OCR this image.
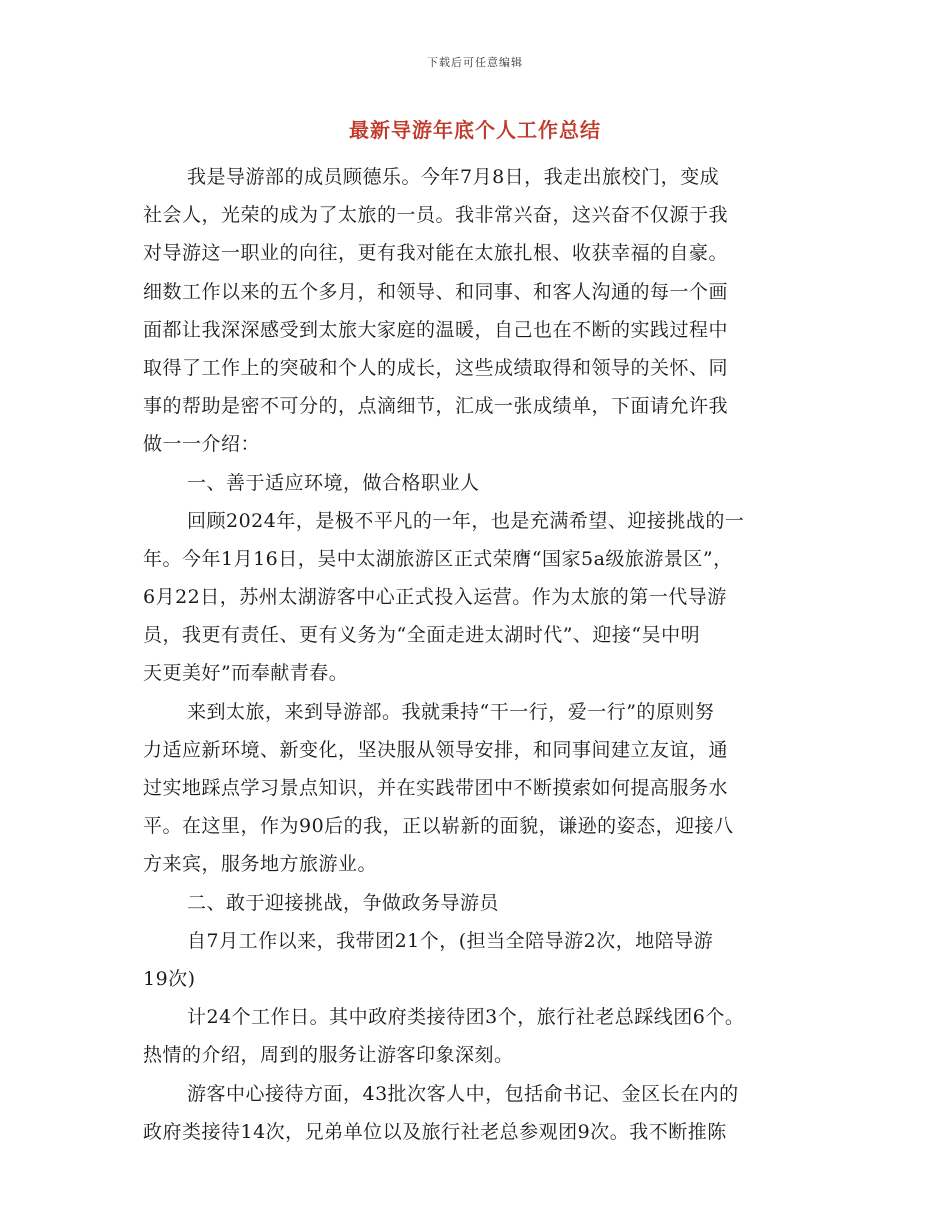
下载后可任意编辑
最新导游年底个人工作总结
我是导游部的成员顾德乐。今年7月8日，我走出旅校门，变成
社会人，光荣的成为了太旅的一员。我非常兴奋，这兴奋不仅源于我
对导游这一职业的向往，更有我对能在太旅扎根、收获幸福的自豪。
细数工作以来的五个多月，和领导、和同事、和客人沟通的每一个画
面都让我深深感受到太旅大家庭的温暖，自己也在不断的实践过程中
取得了工作上的突破和个人的成长，这些成绩取得和领导的关怀、同
事的帮助是密不可分的，点滴细节，汇成一张成绩单，下面请允许我
做一一介绍：
一、善于适应环境，做合格职业人
回顾2024年，是极不平凡的一年，也是充满希望、迎接挑战的一
年。今年1月16日，吴中太湖旅游区正式荣膺“国家5a级旅游景区”，
6月22日，苏州太湖游客中心正式投入运营。作为太旅的第一代导游
员，我更有责任、更有义务为“全面走进太湖时代”、迎接“吴中明
天更美好”而奉献青春。
来到太旅，来到导游部。我就秉持“干一行，爱一行”的原则努
力适应新环境、新变化，坚决服从领导安排，和同事间建立友谊，通
过实地踩点学习景点知识，并在实践带团中不断摸索如何提高服务水
平。在这里，作为90后的我，正以崭新的面貌，谦逊的姿态，迎接八
方来宾，服务地方旅游业。
二、敢于迎接挑战，争做政务导游员
自7月工作以来，我带团21个，(担当全陪导游2次，地陪导游
19次)
计24个工作日。其中政府类接待团3个，旅行社老总踩线团6个。
热情的介绍，周到的服务让游客印象深刻。
游客中心接待方面，43批次客人中，包括俞书记、金区长在内的
政府类接待14次，兄弟单位以及旅行社老总参观团9次。我不断推陈
